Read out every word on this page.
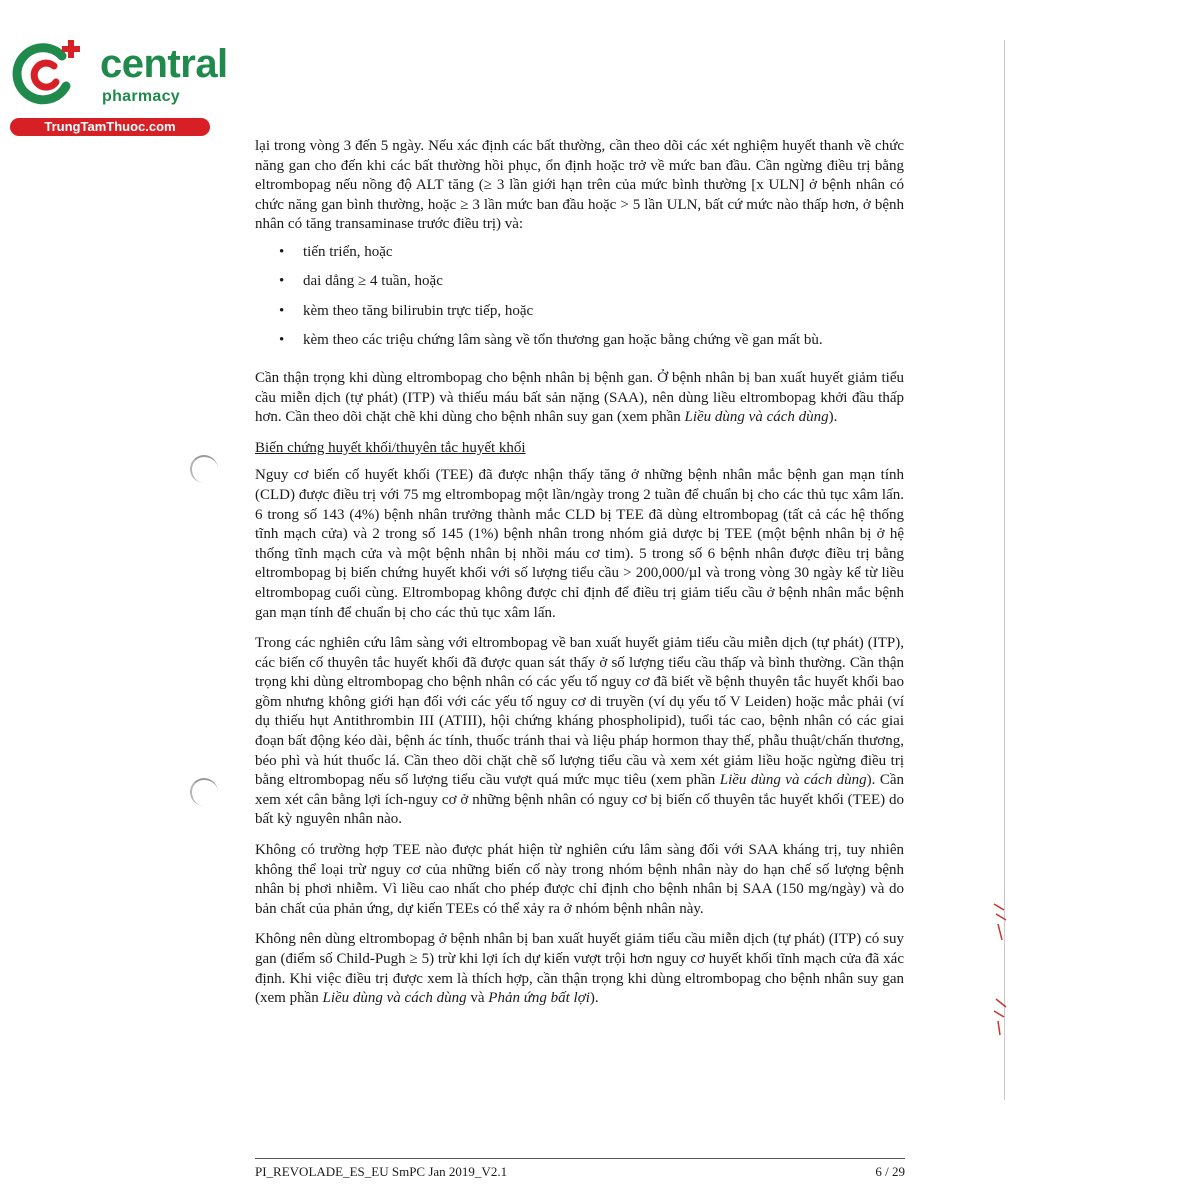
central
pharmacy
TrungTamThuoc.com

lại trong vòng 3 đến 5 ngày. Nếu xác định các bất thường, cần theo dõi các xét nghiệm huyết thanh về chức năng gan cho đến khi các bất thường hồi phục, ổn định hoặc trở về mức ban đầu. Cần ngừng điều trị bằng eltrombopag nếu nồng độ ALT tăng (≥ 3 lần giới hạn trên của mức bình thường [x ULN] ở bệnh nhân có chức năng gan bình thường, hoặc ≥ 3 lần mức ban đầu hoặc > 5 lần ULN, bất cứ mức nào thấp hơn, ở bệnh nhân có tăng transaminase trước điều trị) và:

• tiến triển, hoặc
• dai dẳng ≥ 4 tuần, hoặc
• kèm theo tăng bilirubin trực tiếp, hoặc
• kèm theo các triệu chứng lâm sàng về tổn thương gan hoặc bằng chứng về gan mất bù.

Cần thận trọng khi dùng eltrombopag cho bệnh nhân bị bệnh gan. Ở bệnh nhân bị ban xuất huyết giảm tiểu cầu miễn dịch (tự phát) (ITP) và thiếu máu bất sản nặng (SAA), nên dùng liều eltrombopag khởi đầu thấp hơn. Cần theo dõi chặt chẽ khi dùng cho bệnh nhân suy gan (xem phần Liều dùng và cách dùng).

Biến chứng huyết khối/thuyên tắc huyết khối

Nguy cơ biến cố huyết khối (TEE) đã được nhận thấy tăng ở những bệnh nhân mắc bệnh gan mạn tính (CLD) được điều trị với 75 mg eltrombopag một lần/ngày trong 2 tuần để chuẩn bị cho các thủ tục xâm lấn. 6 trong số 143 (4%) bệnh nhân trưởng thành mắc CLD bị TEE đã dùng eltrombopag (tất cả các hệ thống tĩnh mạch cửa) và 2 trong số 145 (1%) bệnh nhân trong nhóm giả dược bị TEE (một bệnh nhân bị ở hệ thống tĩnh mạch cửa và một bệnh nhân bị nhồi máu cơ tim). 5 trong số 6 bệnh nhân được điều trị bằng eltrombopag bị biến chứng huyết khối với số lượng tiểu cầu > 200,000/µl và trong vòng 30 ngày kể từ liều eltrombopag cuối cùng. Eltrombopag không được chỉ định để điều trị giảm tiểu cầu ở bệnh nhân mắc bệnh gan mạn tính để chuẩn bị cho các thủ tục xâm lấn.

Trong các nghiên cứu lâm sàng với eltrombopag về ban xuất huyết giảm tiểu cầu miễn dịch (tự phát) (ITP), các biến cố thuyên tắc huyết khối đã được quan sát thấy ở số lượng tiểu cầu thấp và bình thường. Cần thận trọng khi dùng eltrombopag cho bệnh nhân có các yếu tố nguy cơ đã biết về bệnh thuyên tắc huyết khối bao gồm nhưng không giới hạn đối với các yếu tố nguy cơ di truyền (ví dụ yếu tố V Leiden) hoặc mắc phải (ví dụ thiếu hụt Antithrombin III (ATIII), hội chứng kháng phospholipid), tuổi tác cao, bệnh nhân có các giai đoạn bất động kéo dài, bệnh ác tính, thuốc tránh thai và liệu pháp hormon thay thế, phẫu thuật/chấn thương, béo phì và hút thuốc lá. Cần theo dõi chặt chẽ số lượng tiểu cầu và xem xét giảm liều hoặc ngừng điều trị bằng eltrombopag nếu số lượng tiểu cầu vượt quá mức mục tiêu (xem phần Liều dùng và cách dùng). Cần xem xét cân bằng lợi ích-nguy cơ ở những bệnh nhân có nguy cơ bị biến cố thuyên tắc huyết khối (TEE) do bất kỳ nguyên nhân nào.

Không có trường hợp TEE nào được phát hiện từ nghiên cứu lâm sàng đối với SAA kháng trị, tuy nhiên không thể loại trừ nguy cơ của những biến cố này trong nhóm bệnh nhân này do hạn chế số lượng bệnh nhân bị phơi nhiễm. Vì liều cao nhất cho phép được chỉ định cho bệnh nhân bị SAA (150 mg/ngày) và do bản chất của phản ứng, dự kiến TEEs có thể xảy ra ở nhóm bệnh nhân này.

Không nên dùng eltrombopag ở bệnh nhân bị ban xuất huyết giảm tiểu cầu miễn dịch (tự phát) (ITP) có suy gan (điểm số Child-Pugh ≥ 5) trừ khi lợi ích dự kiến vượt trội hơn nguy cơ huyết khối tĩnh mạch cửa đã xác định. Khi việc điều trị được xem là thích hợp, cần thận trọng khi dùng eltrombopag cho bệnh nhân suy gan (xem phần Liều dùng và cách dùng và Phản ứng bất lợi).

PI_REVOLADE_ES_EU SmPC Jan 2019_V2.1	6 / 29
